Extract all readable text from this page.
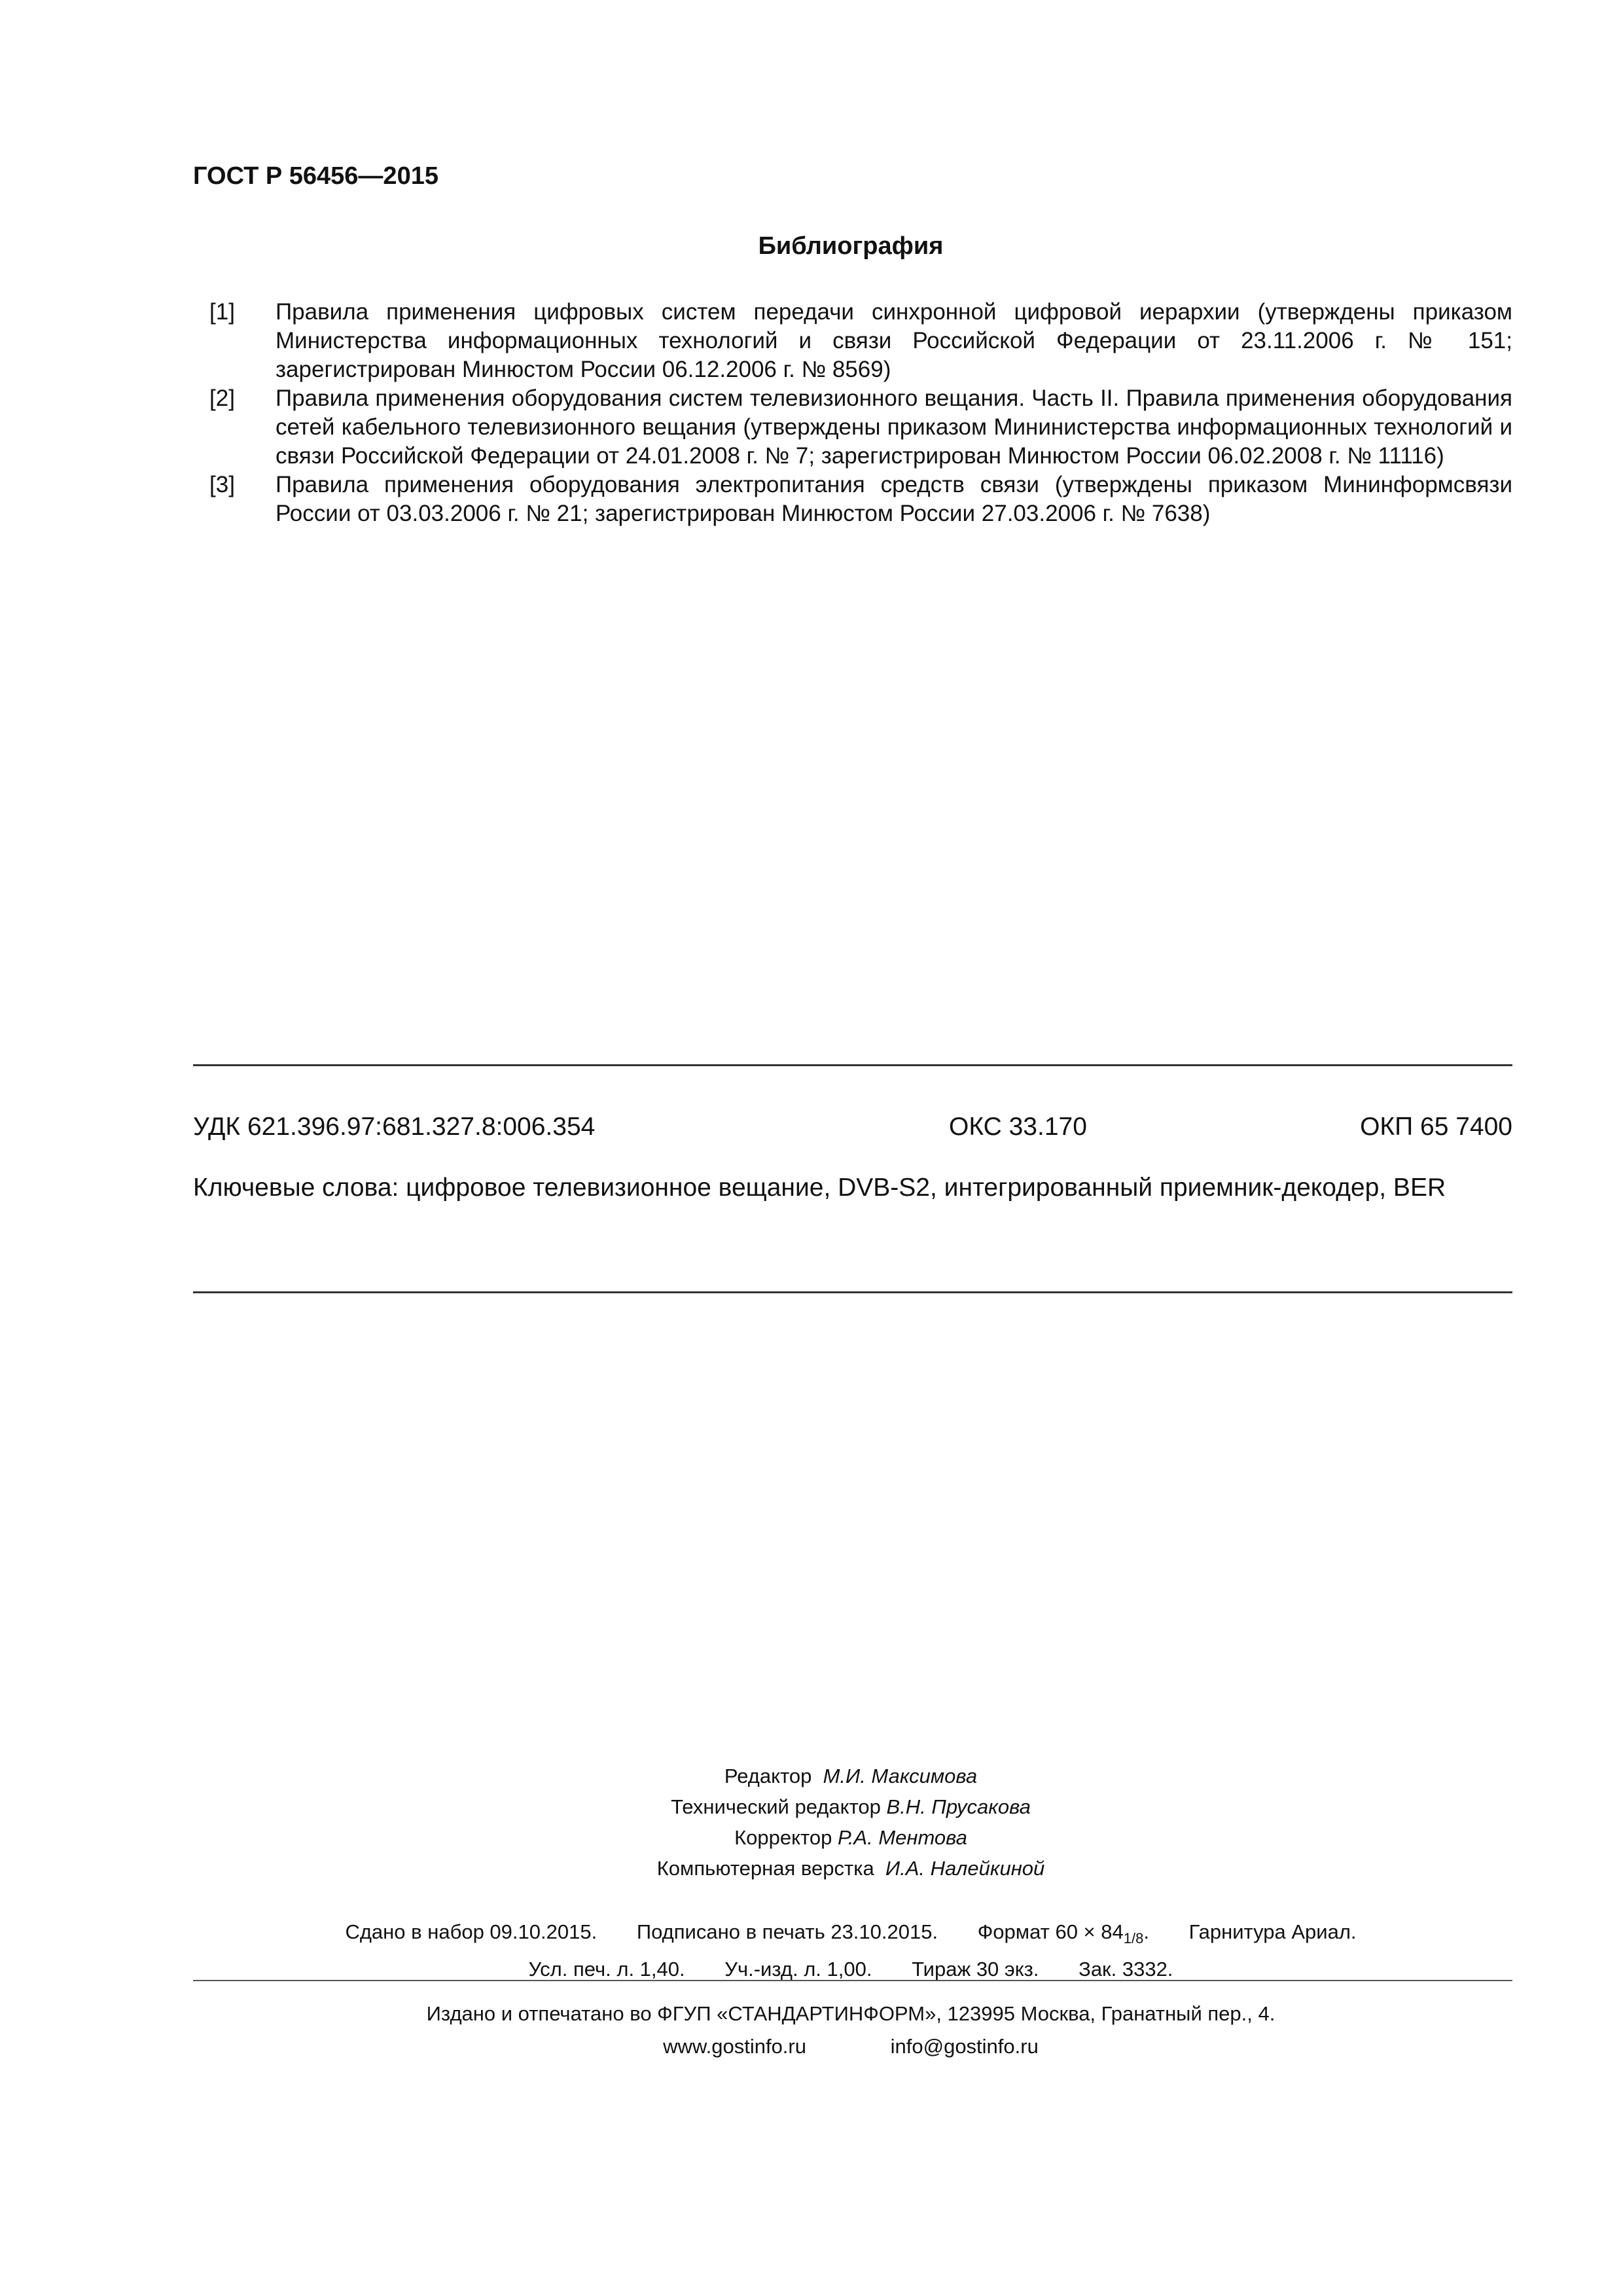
ГОСТ Р 56456—2015
Библиография
[1]	Правила применения цифровых систем передачи синхронной цифровой иерархии (утверждены приказом Министерства информационных технологий и связи Российской Федерации от 23.11.2006 г. № 151; зарегистрирован Минюстом России 06.12.2006 г. № 8569)
[2]	Правила применения оборудования систем телевизионного вещания. Часть II. Правила применения оборудования сетей кабельного телевизионного вещания (утверждены приказом Мининистерства информационных технологий и связи Российской Федерации от 24.01.2008 г. № 7; зарегистрирован Минюстом России 06.02.2008 г. № 11116)
[3]	Правила применения оборудования электропитания средств связи (утверждены приказом Мининформсвязи России от 03.03.2006 г. № 21; зарегистрирован Минюстом России 27.03.2006 г. № 7638)
УДК 621.396.97:681.327.8:006.354	ОКС 33.170	ОКП 65 7400
Ключевые слова: цифровое телевизионное вещание, DVB-S2, интегрированный приемник-декодер, BER
Редактор М.И. Максимова
Технический редактор В.Н. Прусакова
Корректор Р.А. Ментова
Компьютерная верстка И.А. Налейкиной
Сдано в набор 09.10.2015. Подписано в печать 23.10.2015. Формат $60 \times 84_{1/8}$. Гарнитура Ариал.
Усл. печ. л. 1,40. Уч.-изд. л. 1,00. Тираж 30 экз. Зак. 3332.
Издано и отпечатано во ФГУП «СТАНДАРТИНФОРМ», 123995 Москва, Гранатный пер., 4.
www.gostinfo.ru	info@gostinfo.ru
